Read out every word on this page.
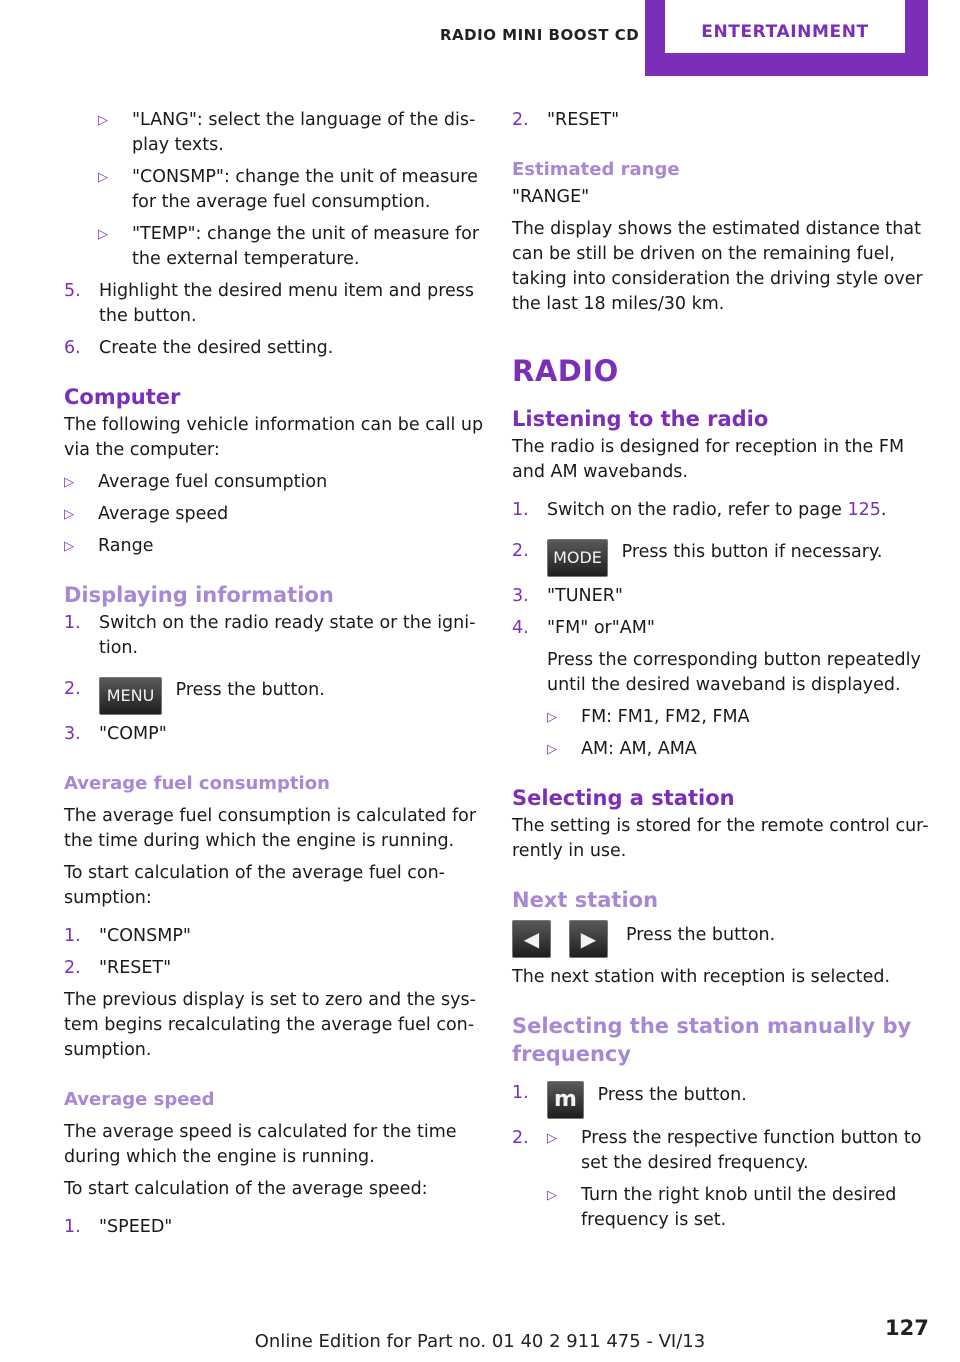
RADIO MINI BOOST CD	ENTERTAINMENT
▷	"LANG": select the language of the dis-play texts.
▷	"CONSMP": change the unit of measure for the average fuel consumption.
▷	"TEMP": change the unit of measure for the external temperature.
5.	Highlight the desired menu item and press the button.
6.	Create the desired setting.
Computer

The following vehicle information can be call up via the computer:

▷	Average fuel consumption
▷	Average speed
▷	Range
Displaying information
1.	Switch on the radio ready state or the igni-tion.
2.	MENU Press the button.
3.	"COMP"
Average fuel consumption

The average fuel consumption is calculated for the time during which the engine is running.

To start calculation of the average fuel con-sumption:

1.	"CONSMP"
2.	"RESET"

The previous display is set to zero and the sys-tem begins recalculating the average fuel con-sumption.

Average speed

The average speed is calculated for the time during which the engine is running.

To start calculation of the average speed:

1.	"SPEED"
2.	"RESET"
Estimated range

"RANGE"

The display shows the estimated distance that can be still be driven on the remaining fuel, taking into consideration the driving style over the last 18 miles/30 km.

RADIO
Listening to the radio

The radio is designed for reception in the FM and AM wavebands.

1.	Switch on the radio, refer to page 125.
2.	MODE Press this button if necessary.
3.	"TUNER"
4.	"FM" or"AM"

Press the corresponding button repeatedly until the desired waveband is displayed.

▷	FM: FM1, FM2, FMA
▷	AM: AM, AMA
Selecting a station

The setting is stored for the remote control cur-rently in use.

Next station

◀ ▶ Press the button.

The next station with reception is selected.

Selecting the station manually by frequency
1.	m Press the button.
2.	▷	Press the respective function button to set the desired frequency.
▷	Turn the right knob until the desired frequency is set.
127
Online Edition for Part no. 01 40 2 911 475 - VI/13
